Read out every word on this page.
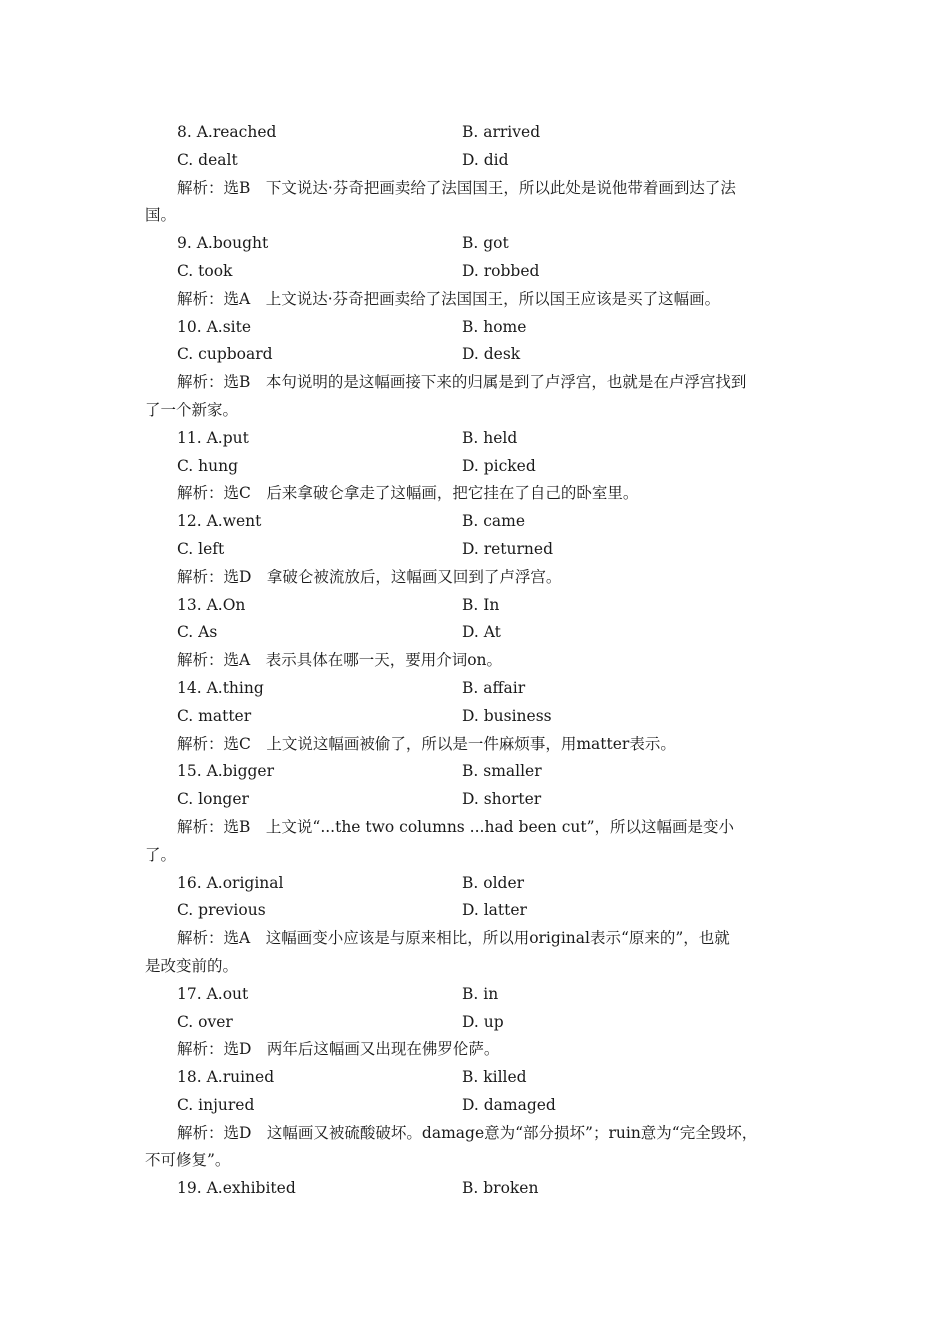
8. A.reached	B. arrived
C. dealt	D. did
解析：选B　下文说达·芬奇把画卖给了法国国王，所以此处是说他带着画到达了法
国。
9. A.bought	B. got
C. took	D. robbed
解析：选A　上文说达·芬奇把画卖给了法国国王，所以国王应该是买了这幅画。
10. A.site	B. home
C. cupboard	D. desk
解析：选B　本句说明的是这幅画接下来的归属是到了卢浮宫，也就是在卢浮宫找到
了一个新家。
11. A.put	B. held
C. hung	D. picked
解析：选C　后来拿破仑拿走了这幅画，把它挂在了自己的卧室里。
12. A.went	B. came
C. left	D. returned
解析：选D　拿破仑被流放后，这幅画又回到了卢浮宫。
13. A.On	B. In
C. As	D. At
解析：选A　表示具体在哪一天，要用介词on。
14. A.thing	B. affair
C. matter	D. business
解析：选C　上文说这幅画被偷了，所以是一件麻烦事，用matter表示。
15. A.bigger	B. smaller
C. longer	D. shorter
解析：选B　上文说“...the two columns ...had been cut”，所以这幅画是变小
了。
16. A.original	B. older
C. previous	D. latter
解析：选A　这幅画变小应该是与原来相比，所以用original表示“原来的”，也就
是改变前的。
17. A.out	B. in
C. over	D. up
解析：选D　两年后这幅画又出现在佛罗伦萨。
18. A.ruined	B. killed
C. injured	D. damaged
解析：选D　这幅画又被硫酸破坏。damage意为“部分损坏”；ruin意为“完全毁坏，
不可修复”。
19. A.exhibited	B. broken
